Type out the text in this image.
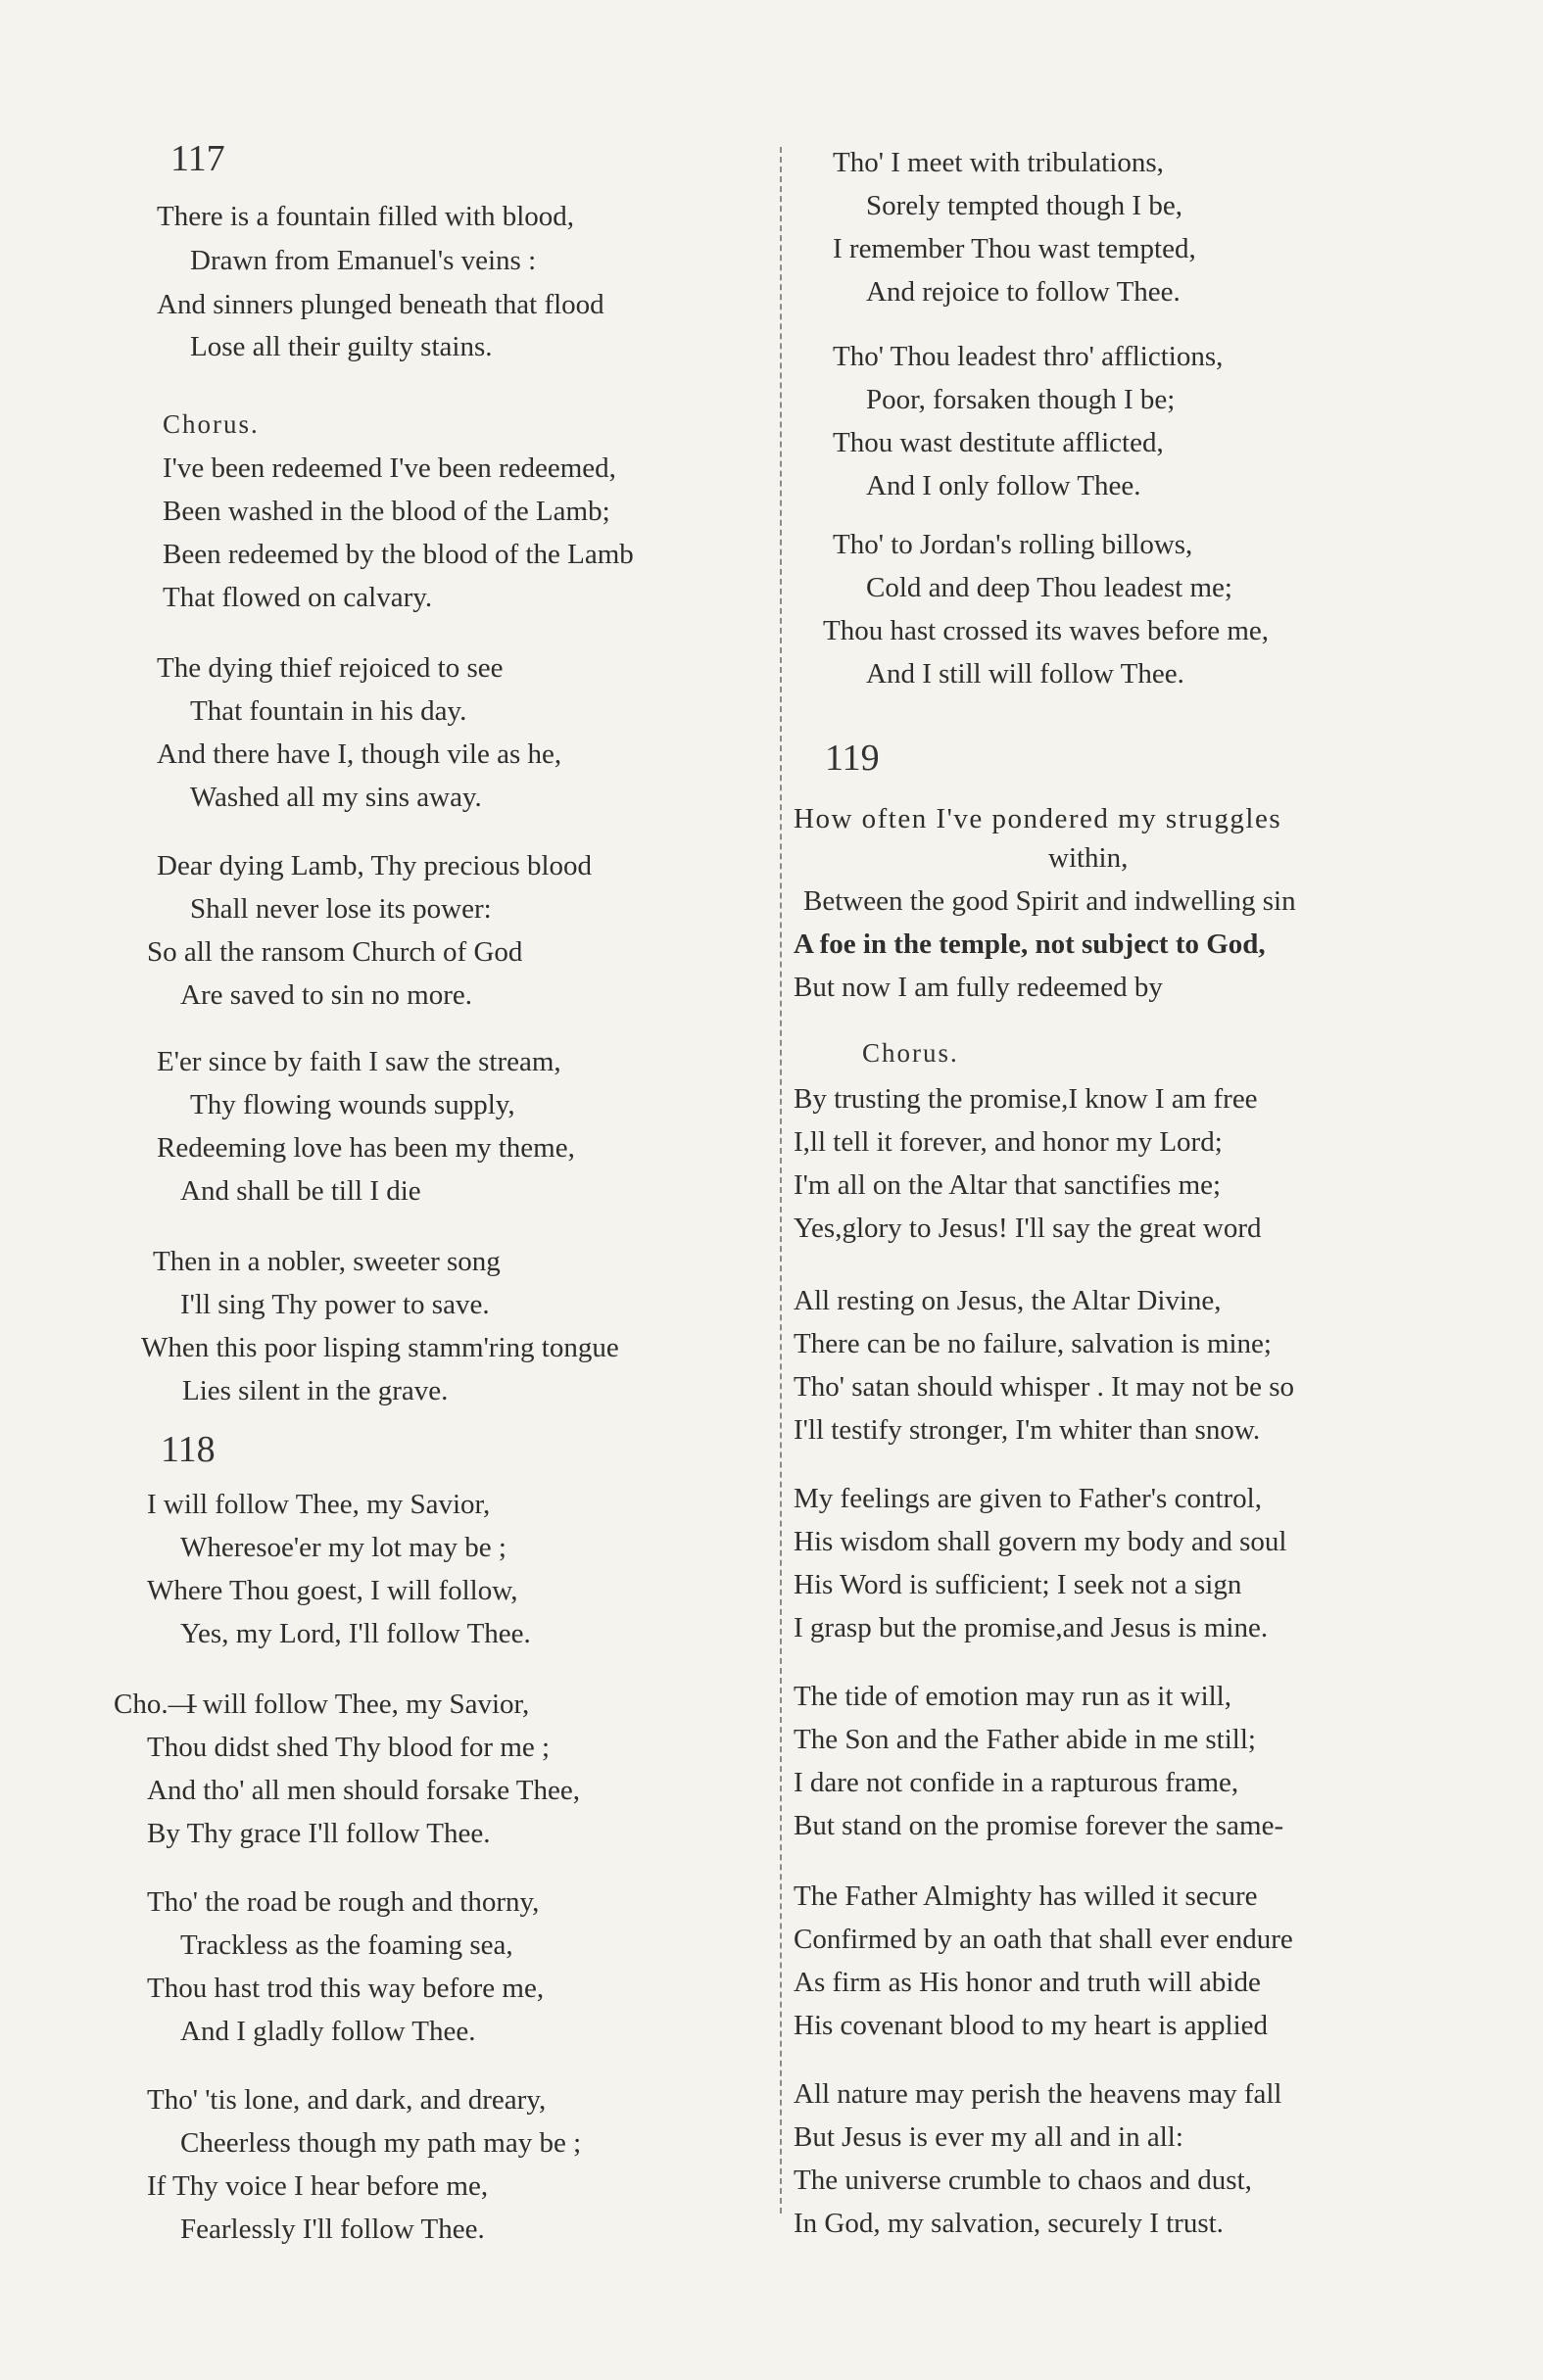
117
There is a fountain filled with blood,
Drawn from Emanuel's veins :
And sinners plunged beneath that flood
Lose all their guilty stains.
Chorus.
I've been redeemed I've been redeemed,
Been washed in the blood of the Lamb;
Been redeemed by the blood of the Lamb
That flowed on calvary.
The dying thief rejoiced to see
That fountain in his day.
And there have I, though vile as he,
Washed all my sins away.
Dear dying Lamb, Thy precious blood
Shall never lose its power:
So all the ransom Church of God
Are saved to sin no more.
E'er since by faith I saw the stream,
Thy flowing wounds supply,
Redeeming love has been my theme,
And shall be till I die
Then in a nobler, sweeter song
I'll sing Thy power to save.
When this poor lisping stamm'ring tongue
Lies silent in the grave.
118
I will follow Thee, my Savior,
Wheresoe'er my lot may be ;
Where Thou goest, I will follow,
Yes, my Lord, I'll follow Thee.
Cho.—
I will follow Thee, my Savior,
Thou didst shed Thy blood for me ;
And tho' all men should forsake Thee,
By Thy grace I'll follow Thee.
Tho' the road be rough and thorny,
Trackless as the foaming sea,
Thou hast trod this way before me,
And I gladly follow Thee.
Tho' 'tis lone, and dark, and dreary,
Cheerless though my path may be ;
If Thy voice I hear before me,
Fearlessly I'll follow Thee.
Tho' I meet with tribulations,
Sorely tempted though I be,
I remember Thou wast tempted,
And rejoice to follow Thee.
Tho' Thou leadest thro' afflictions,
Poor, forsaken though I be;
Thou wast destitute afflicted,
And I only follow Thee.
Tho' to Jordan's rolling billows,
Cold and deep Thou leadest me;
Thou hast crossed its waves before me,
And I still will follow Thee.
119
How often I've pondered my struggles
within,
Between the good Spirit and indwelling sin
A foe in the temple, not subject to God,
But now I am fully redeemed by
Chorus.
By trusting the promise,I know I am free
I,ll tell it forever, and honor my Lord;
I'm all on the Altar that sanctifies me;
Yes,glory to Jesus! I'll say the great word
All resting on Jesus, the Altar Divine,
There can be no failure, salvation is mine;
Tho' satan should whisper . It may not be so
I'll testify stronger, I'm whiter than snow.
My feelings are given to Father's control,
His wisdom shall govern my body and soul
His Word is sufficient; I seek not a sign
I grasp but the promise,and Jesus is mine.
The tide of emotion may run as it will,
The Son and the Father abide in me still;
I dare not confide in a rapturous frame,
But stand on the promise forever the same-
The Father Almighty has willed it secure
Confirmed by an oath that shall ever endure
As firm as His honor and truth will abide
His covenant blood to my heart is applied
All nature may perish the heavens may fall
But Jesus is ever my all and in all:
The universe crumble to chaos and dust,
In God, my salvation, securely I trust.
